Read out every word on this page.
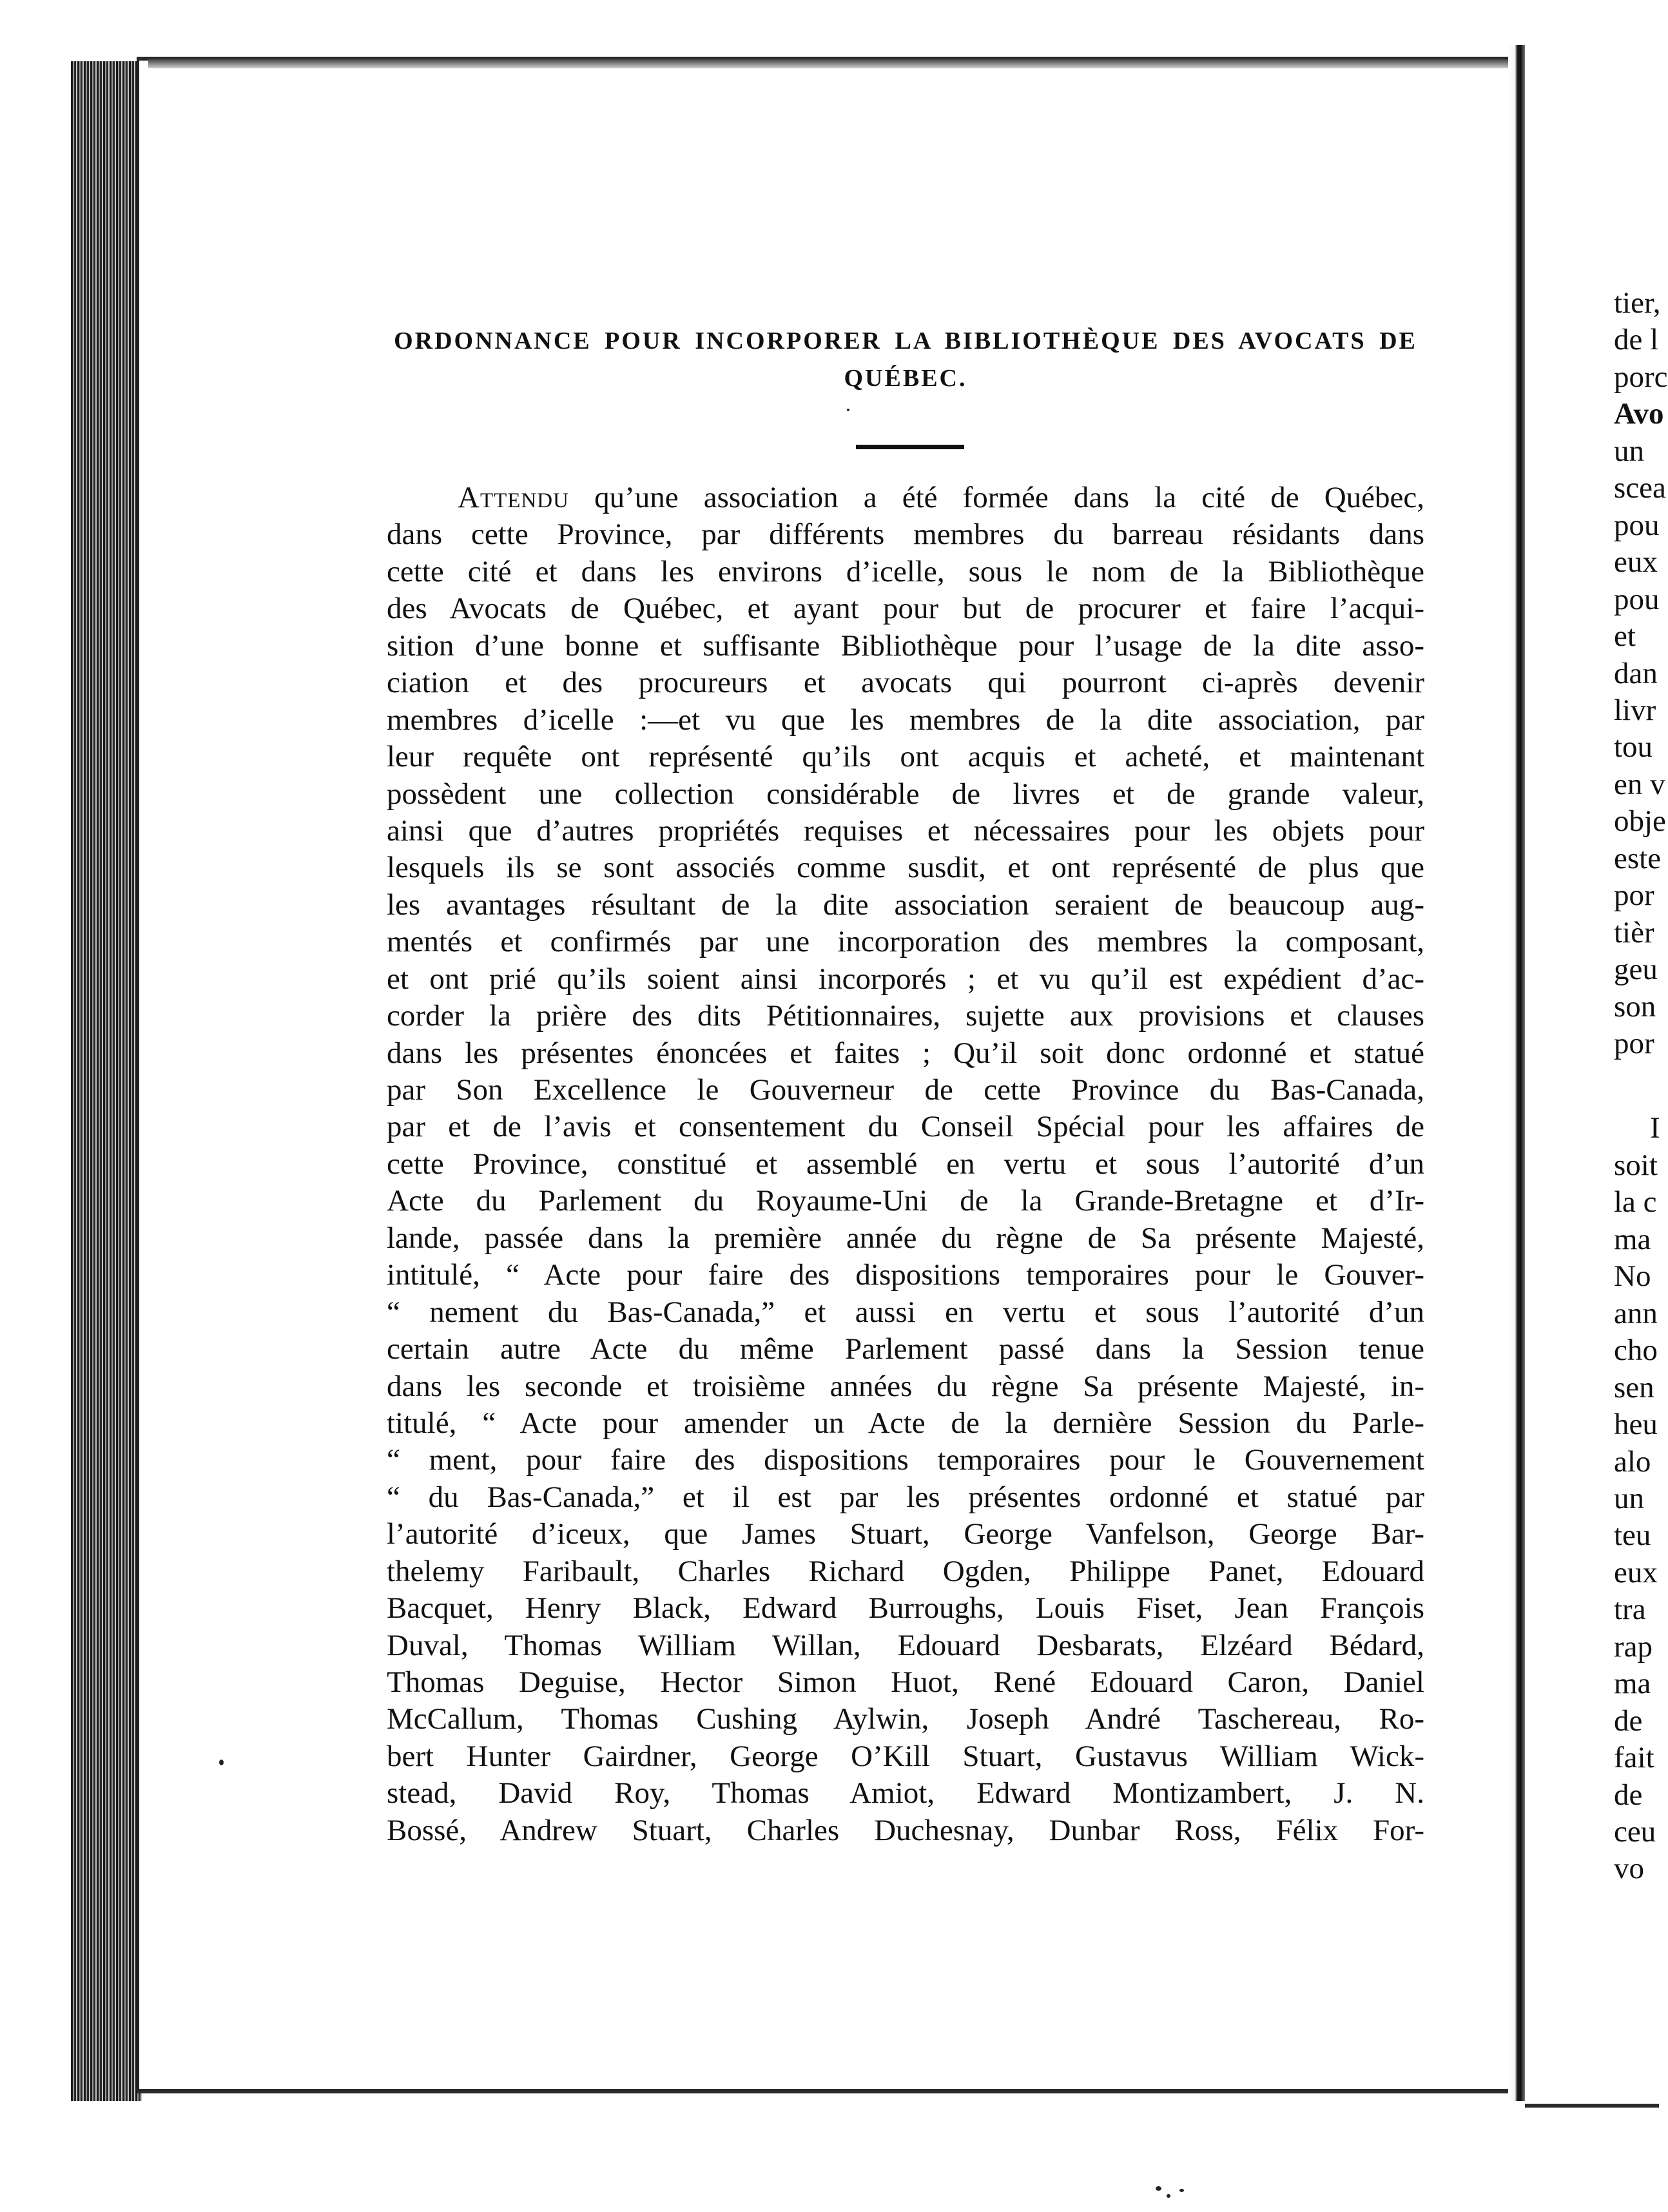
ORDONNANCE POUR INCORPORER LA BIBLIOTHÈQUE DES AVOCATS DE
QUÉBEC.
Attendu qu’une association a été formée dans la cité de Québec,
dans cette Province, par différents membres du barreau résidants dans
cette cité et dans les environs d’icelle, sous le nom de la Bibliothèque
des Avocats de Québec, et ayant pour but de procurer et faire l’acqui-
sition d’une bonne et suffisante Bibliothèque pour l’usage de la dite asso-
ciation et des procureurs et avocats qui pourront ci-après devenir
membres d’icelle :—et vu que les membres de la dite association, par
leur requête ont représenté qu’ils ont acquis et acheté, et maintenant
possèdent une collection considérable de livres et de grande valeur,
ainsi que d’autres propriétés requises et nécessaires pour les objets pour
lesquels ils se sont associés comme susdit, et ont représenté de plus que
les avantages résultant de la dite association seraient de beaucoup aug-
mentés et confirmés par une incorporation des membres la composant,
et ont prié qu’ils soient ainsi incorporés ; et vu qu’il est expédient d’ac-
corder la prière des dits Pétitionnaires, sujette aux provisions et clauses
dans les présentes énoncées et faites ; Qu’il soit donc ordonné et statué
par Son Excellence le Gouverneur de cette Province du Bas-Canada,
par et de l’avis et consentement du Conseil Spécial pour les affaires de
cette Province, constitué et assemblé en vertu et sous l’autorité d’un
Acte du Parlement du Royaume-Uni de la Grande-Bretagne et d’Ir-
lande, passée dans la première année du règne de Sa présente Majesté,
intitulé, “ Acte pour faire des dispositions temporaires pour le Gouver-
“ nement du Bas-Canada,” et aussi en vertu et sous l’autorité d’un
certain autre Acte du même Parlement passé dans la Session tenue
dans les seconde et troisième années du règne Sa présente Majesté, in-
titulé, “ Acte pour amender un Acte de la dernière Session du Parle-
“ ment, pour faire des dispositions temporaires pour le Gouvernement
“ du Bas-Canada,” et il est par les présentes ordonné et statué par
l’autorité d’iceux, que James Stuart, George Vanfelson, George Bar-
thelemy Faribault, Charles Richard Ogden, Philippe Panet, Edouard
Bacquet, Henry Black, Edward Burroughs, Louis Fiset, Jean François
Duval, Thomas William Willan, Edouard Desbarats, Elzéard Bédard,
Thomas Deguise, Hector Simon Huot, René Edouard Caron, Daniel
McCallum, Thomas Cushing Aylwin, Joseph André Taschereau, Ro-
bert Hunter Gairdner, George O’Kill Stuart, Gustavus William Wick-
stead, David Roy, Thomas Amiot, Edward Montizambert, J. N.
Bossé, Andrew Stuart, Charles Duchesnay, Dunbar Ross, Félix For-
tier,
de l
porc
Avo
un
scea
pou
eux
pou
et
dan
livr
tou
en v
obje
este
por
tièr
geu
son
por
I
soit
la c
ma
No
ann
cho
sen
heu
alo
un
teu
eux
tra
rap
ma
de
fait
de
ceu
vo
